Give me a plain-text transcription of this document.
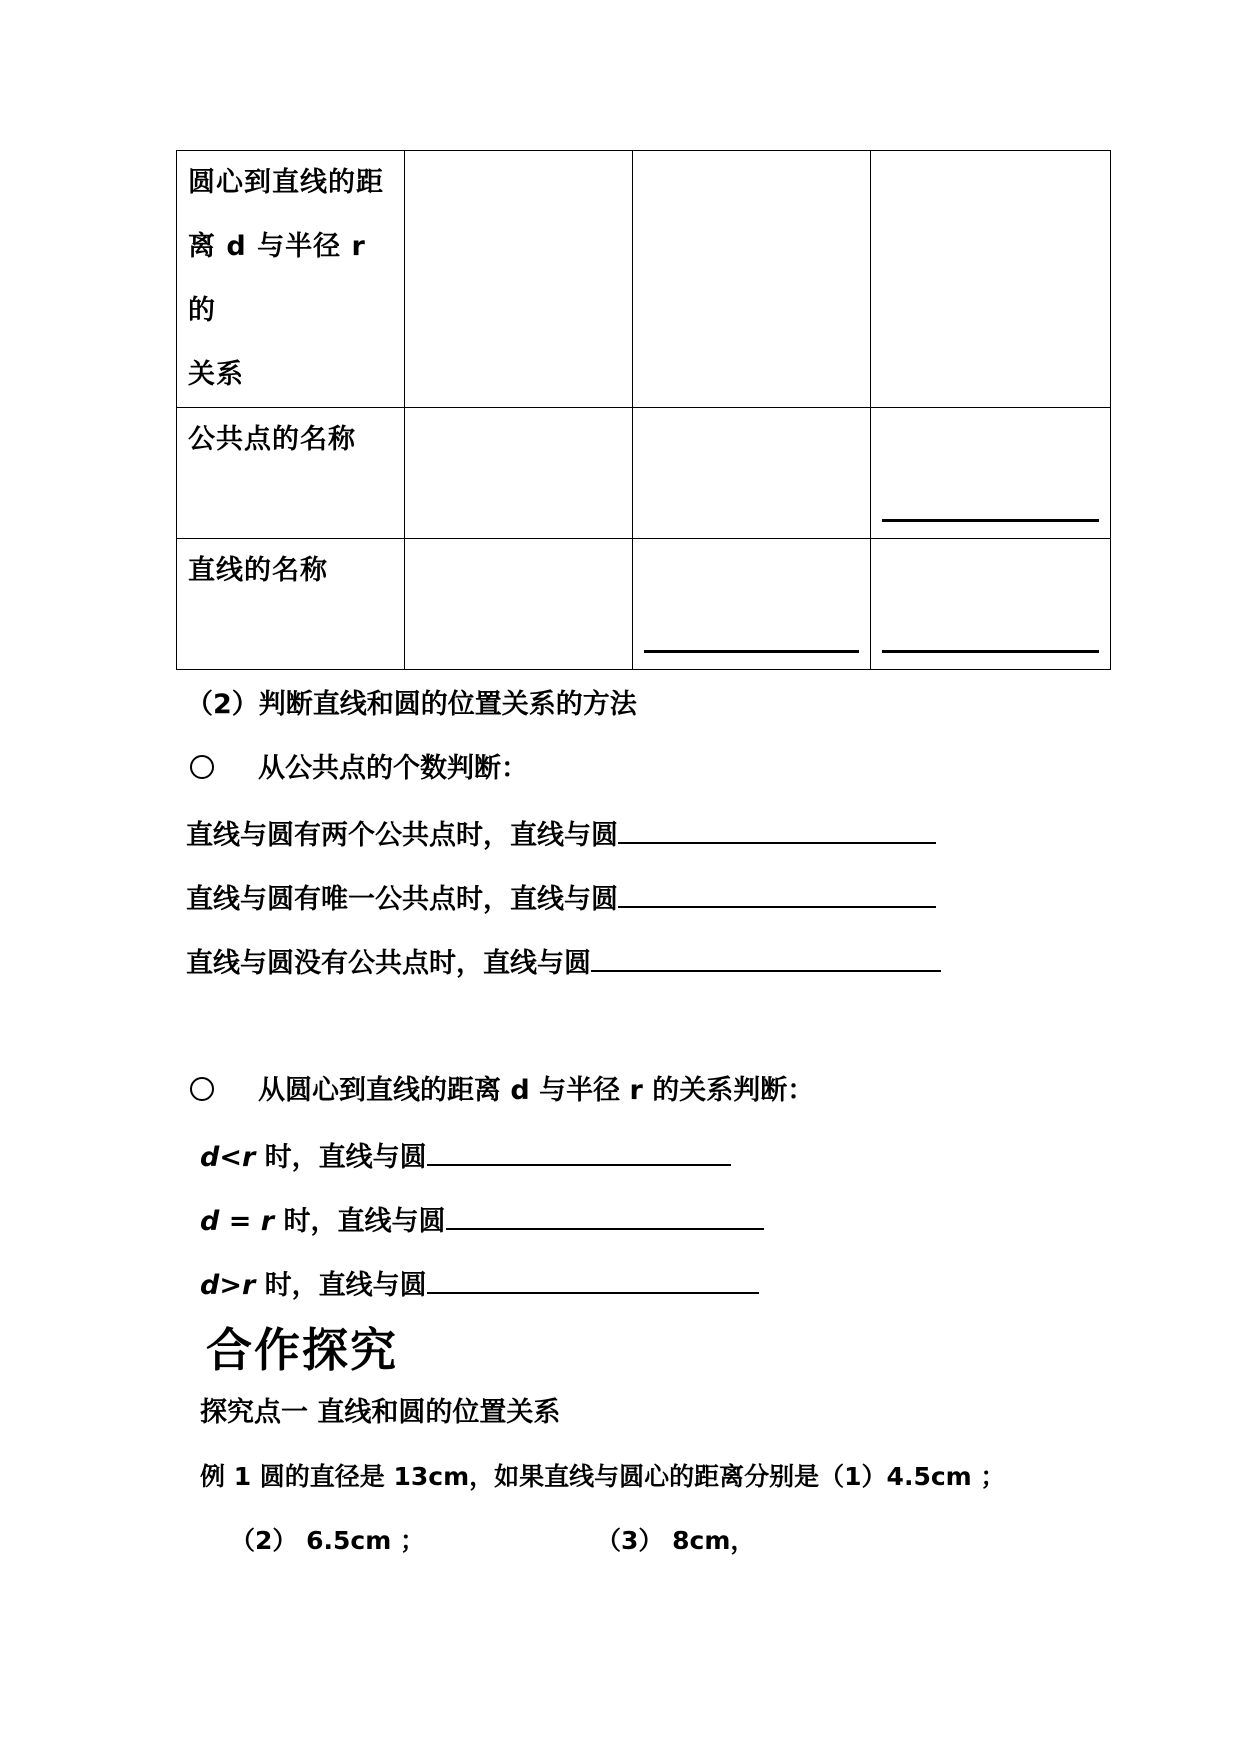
圆心到直线的距
离 d 与半径 r 的
关系			

公共点的名称			

直线的名称			

（2）判断直线和圆的位置关系的方法
从公共点的个数判断：
直线与圆有两个公共点时，直线与圆
直线与圆有唯一公共点时，直线与圆
直线与圆没有公共点时，直线与圆
从圆心到直线的距离 d 与半径 r 的关系判断：
d<r 时，直线与圆
d = r 时，直线与圆
d>r 时，直线与圆
合作探究
探究点一 直线和圆的位置关系
例 1 圆的直径是 13cm，如果直线与圆心的距离分别是（1）4.5cm ；
（2） 6.5cm ；	（3） 8cm，
